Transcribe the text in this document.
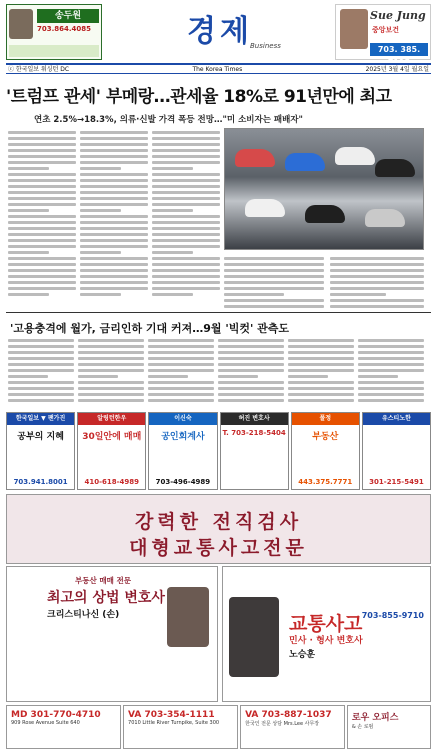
송두원
703.864.4085	경제
Business
Sue Jung
중앙보건
703. 385. 7115
ⓒ 한국일보 워싱턴 DC	The Korea Times	2025년 3월 4일 월요일
'트럼프 관세' 부메랑…관세율 18%로 91년만에 최고
연초 2.5%→18.3%, 의류·신발 가격 폭등 전망…"미 소비자는 패배자"
'고용충격에 월가, 금리인하 기대 커져…9월 '빅컷' 관측도
한국일보 ▼ 팬가진
공부의 지혜
703.941.8001
알링턴한우
30일안에 매매
410-618-4989
이신숙
공인회계사
703-496-4989
허진 변호사
T. 703-218-5404
폴정
부동산
443.375.7771
유스티노한
301-215-5491
강력한 전직검사
대형교통사고전문
부동산 매매 전문
최고의 상법 변호사
크리스티나신 (손)	교통사고
민사 · 형사 변호사
노승훈
703-855-9710
MD 301-770-4710
909 Rose Avenue Suite 640
VA 703-354-1111
7010 Little River Turnpike, Suite 300
VA 703-887-1037
한국인 전문 상담 Mrs.Lee 사무장
로우 오피스
& 손 로펌
